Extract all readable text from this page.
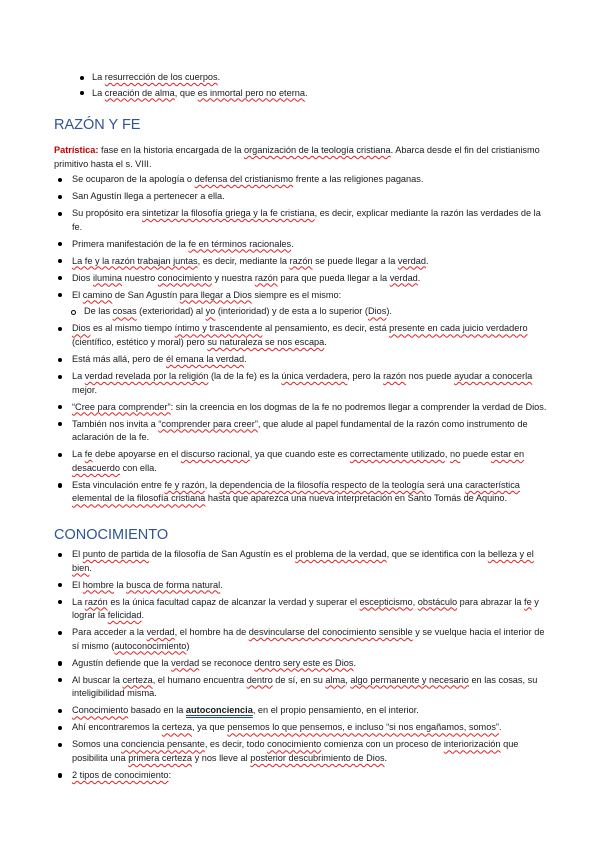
La resurrección de los cuerpos.
La creación de alma, que es inmortal pero no eterna.
RAZÓN Y FE

Patrística: fase en la historia encargada de la organización de la teología cristiana. Abarca desde el fin del cristianismo primitivo hasta el s. VIII.

Se ocuparon de la apología o defensa del cristianismo frente a las religiones paganas.
San Agustín llega a pertenecer a ella.
Su propósito era sintetizar la filosofía griega y la fe cristiana, es decir, explicar mediante la razón las verdades de la fe.
Primera manifestación de la fe en términos racionales.
La fe y la razón trabajan juntas, es decir, mediante la razón se puede llegar a la verdad.
Dios ilumina nuestro conocimiento y nuestra razón para que pueda llegar a la verdad.
El camino de San Agustín para llegar a Dios siempre es el mismo:
De las cosas (exterioridad) al yo (interioridad) y de esta a lo superior (Dios).
Dios es al mismo tiempo íntimo y trascendente al pensamiento, es decir, está presente en cada juicio verdadero (científico, estético y moral) pero su naturaleza se nos escapa.
Está más allá, pero de él emana la verdad.
La verdad revelada por la religión (la de la fe) es la única verdadera, pero la razón nos puede ayudar a conocerla mejor.
“Cree para comprender”: sin la creencia en los dogmas de la fe no podremos llegar a comprender la verdad de Dios.
También nos invita a “comprender para creer”, que alude al papel fundamental de la razón como instrumento de aclaración de la fe.
La fe debe apoyarse en el discurso racional, ya que cuando este es correctamente utilizado, no puede estar en desacuerdo con ella.
Esta vinculación entre fe y razón, la dependencia de la filosofía respecto de la teología será una característica elemental de la filosofía cristiana hasta que aparezca una nueva interpretación en Santo Tomás de Aquino.
CONOCIMIENTO
El punto de partida de la filosofía de San Agustín es el problema de la verdad, que se identifica con la belleza y el bien.
El hombre la busca de forma natural.
La razón es la única facultad capaz de alcanzar la verdad y superar el escepticismo, obstáculo para abrazar la fe y lograr la felicidad.
Para acceder a la verdad, el hombre ha de desvincularse del conocimiento sensible y se vuelque hacia el interior de sí mismo (autoconocimiento)
Agustín defiende que la verdad se reconoce dentro sery este es Dios.
Al buscar la certeza, el humano encuentra dentro de sí, en su alma, algo permanente y necesario en las cosas, su inteligibilidad misma.
Conocimiento basado en la autoconciencia, en el propio pensamiento, en el interior.
Ahí encontraremos la certeza, ya que pensemos lo que pensemos, e incluso “si nos engañamos, somos”.
Somos una conciencia pensante, es decir, todo conocimiento comienza con un proceso de interiorización que posibilita una primera certeza y nos lleve al posterior descubrimiento de Dios.
2 tipos de conocimiento:
